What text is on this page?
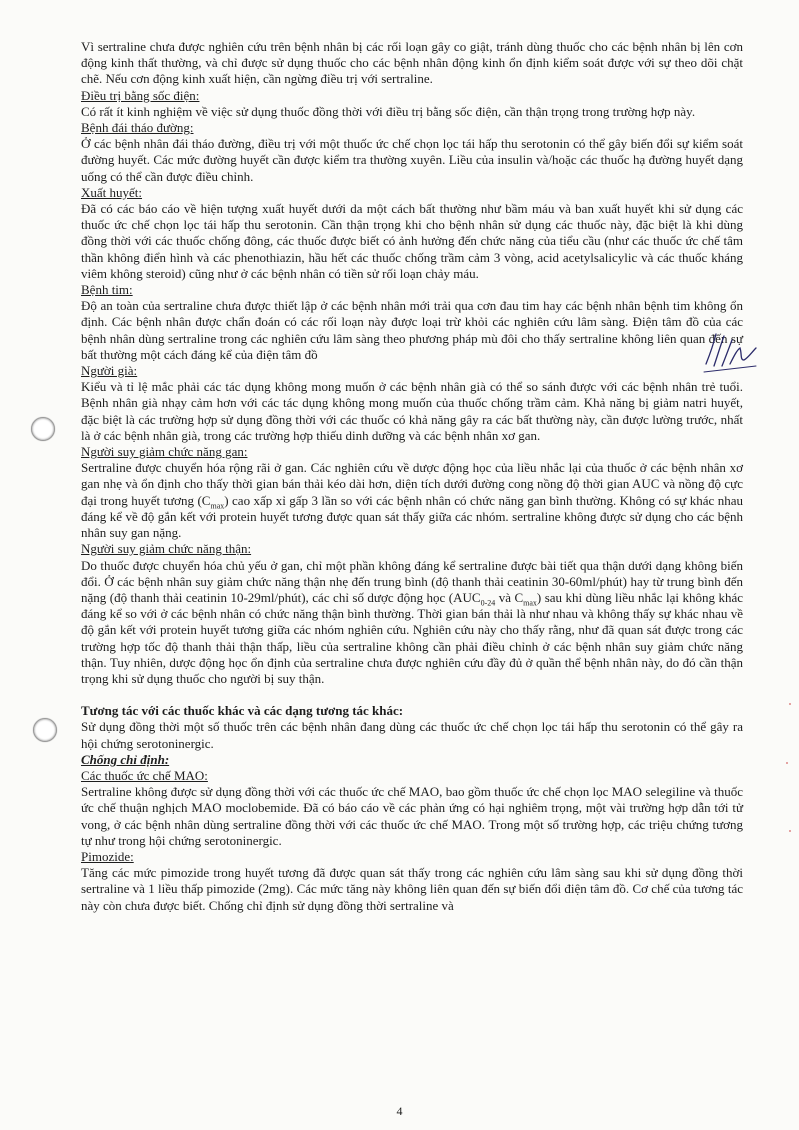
Vì sertraline chưa được nghiên cứu trên bệnh nhân bị các rối loạn gây co giật, tránh dùng thuốc cho các bệnh nhân bị lên cơn động kinh thất thường, và chỉ được sử dụng thuốc cho các bệnh nhân động kinh ổn định kiểm soát được với sự theo dõi chặt chẽ. Nếu cơn động kinh xuất hiện, cần ngừng điều trị với sertraline.

Điều trị bằng sốc điện:

Có rất ít kinh nghiệm về việc sử dụng thuốc đồng thời với điều trị bằng sốc điện, cần thận trọng trong trường hợp này.

Bệnh đái tháo đường:

Ở các bệnh nhân đái tháo đường, điều trị với một thuốc ức chế chọn lọc tái hấp thu serotonin có thể gây biến đổi sự kiểm soát đường huyết. Các mức đường huyết cần được kiểm tra thường xuyên. Liều của insulin và/hoặc các thuốc hạ đường huyết dạng uống có thể cần được điều chỉnh.

Xuất huyết:

Đã có các báo cáo về hiện tượng xuất huyết dưới da một cách bất thường như bầm máu và ban xuất huyết khi sử dụng các thuốc ức chế chọn lọc tái hấp thu serotonin. Cần thận trọng khi cho bệnh nhân sử dụng các thuốc này, đặc biệt là khi dùng đồng thời với các thuốc chống đông, các thuốc được biết có ảnh hưởng đến chức năng của tiểu cầu (như các thuốc ức chế tâm thần không điển hình và các phenothiazin, hầu hết các thuốc chống trầm cảm 3 vòng, acid acetylsalicylic và các thuốc kháng viêm không steroid) cũng như ở các bệnh nhân có tiền sử rối loạn chảy máu.

Bệnh tim:

Độ an toàn của sertraline chưa được thiết lập ở các bệnh nhân mới trải qua cơn đau tim hay các bệnh nhân bệnh tim không ổn định. Các bệnh nhân được chẩn đoán có các rối loạn này được loại trừ khỏi các nghiên cứu lâm sàng. Điện tâm đồ của các bệnh nhân dùng sertraline trong các nghiên cứu lâm sàng theo phương pháp mù đôi cho thấy sertraline không liên quan đến sự bất thường một cách đáng kể của điện tâm đồ

Người già:

Kiểu và tỉ lệ mắc phải các tác dụng không mong muốn ở các bệnh nhân già có thể so sánh được với các bệnh nhân trẻ tuổi. Bệnh nhân già nhạy cảm hơn với các tác dụng không mong muốn của thuốc chống trầm cảm. Khả năng bị giảm natri huyết, đặc biệt là các trường hợp sử dụng đồng thời với các thuốc có khả năng gây ra các bất thường này, cần được lường trước, nhất là ở các bệnh nhân già, trong các trường hợp thiếu dinh dưỡng và các bệnh nhân xơ gan.

Người suy giảm chức năng gan:

Sertraline được chuyển hóa rộng rãi ở gan. Các nghiên cứu về dược động học của liều nhắc lại của thuốc ở các bệnh nhân xơ gan nhẹ và ổn định cho thấy thời gian bán thải kéo dài hơn, diện tích dưới đường cong nồng độ thời gian AUC và nồng độ cực đại trong huyết tương $(C_{max})$ cao xấp xỉ gấp 3 lần so với các bệnh nhân có chức năng gan bình thường. Không có sự khác nhau đáng kể về độ gắn kết với protein huyết tương được quan sát thấy giữa các nhóm. sertraline không được sử dụng cho các bệnh nhân suy gan nặng.

Người suy giảm chức năng thận:

Do thuốc được chuyển hóa chủ yếu ở gan, chỉ một phần không đáng kể sertraline được bài tiết qua thận dưới dạng không biến đổi. Ở các bệnh nhân suy giảm chức năng thận nhẹ đến trung bình (độ thanh thải ceatinin 30-60ml/phút) hay từ trung bình đến nặng (độ thanh thải ceatinin 10-29ml/phút), các chỉ số dược động học ($AUC_{0-24}$ và $C_{max}$) sau khi dùng liều nhắc lại không khác đáng kể so với ở các bệnh nhân có chức năng thận bình thường. Thời gian bán thải là như nhau và không thấy sự khác nhau về độ gắn kết với protein huyết tương giữa các nhóm nghiên cứu. Nghiên cứu này cho thấy rằng, như đã quan sát được trong các trường hợp tốc độ thanh thải thận thấp, liều của sertraline không cần phải điều chỉnh ở các bệnh nhân suy giảm chức năng thận. Tuy nhiên, dược động học ổn định của sertraline chưa được nghiên cứu đầy đủ ở quần thể bệnh nhân này, do đó cần thận trọng khi sử dụng thuốc cho người bị suy thận.

Tương tác với các thuốc khác và các dạng tương tác khác:

Sử dụng đồng thời một số thuốc trên các bệnh nhân đang dùng các thuốc ức chế chọn lọc tái hấp thu serotonin có thể gây ra hội chứng serotoninergic.

Chống chỉ định:
Các thuốc ức chế MAO:

Sertraline không được sử dụng đồng thời với các thuốc ức chế MAO, bao gồm thuốc ức chế chọn lọc MAO selegiline và thuốc ức chế thuận nghịch MAO moclobemide. Đã có báo cáo về các phản ứng có hại nghiêm trọng, một vài trường hợp dẫn tới tử vong, ở các bệnh nhân dùng sertraline đồng thời với các thuốc ức chế MAO. Trong một số trường hợp, các triệu chứng tương tự như trong hội chứng serotoninergic.

Pimozide:

Tăng các mức pimozide trong huyết tương đã được quan sát thấy trong các nghiên cứu lâm sàng sau khi sử dụng đồng thời sertraline và 1 liều thấp pimozide (2mg). Các mức tăng này không liên quan đến sự biến đổi điện tâm đồ. Cơ chế của tương tác này còn chưa được biết. Chống chỉ định sử dụng đồng thời sertraline và

4
